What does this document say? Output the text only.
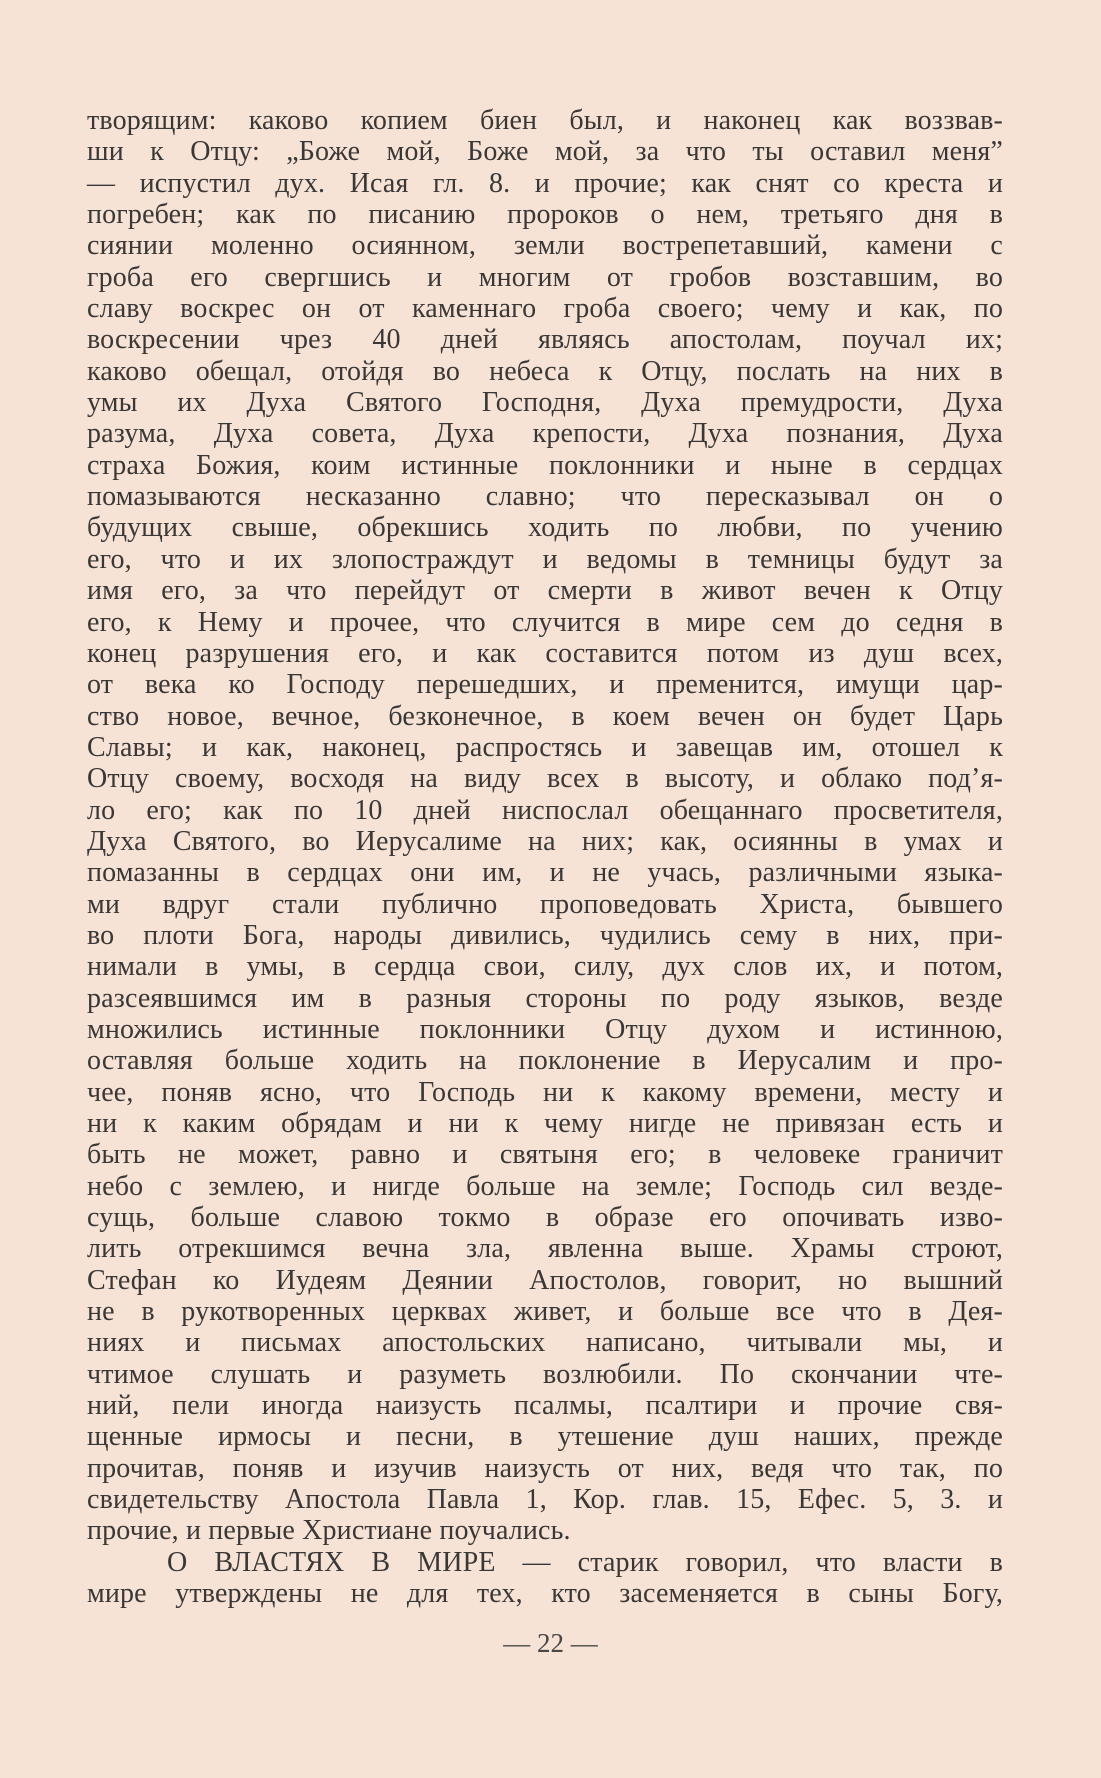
творящим: каково копием биен был, и наконец как воззвав-
ши к Отцу: „Боже мой, Боже мой, за что ты оставил меня”
— испустил дух. Исая гл. 8. и прочие; как снят со креста и
погребен; как по писанию пророков о нем, третьяго дня в
сиянии моленно осиянном, земли вострепетавший, камени с
гроба его свергшись и многим от гробов возставшим, во
славу воскрес он от каменнаго гроба своего; чему и как, по
воскресении чрез 40 дней являясь апостолам, поучал их;
каково обещал, отойдя во небеса к Отцу, послать на них в
умы их Духа Святого Господня, Духа премудрости, Духа
разума, Духа совета, Духа крепости, Духа познания, Духа
страха Божия, коим истинные поклонники и ныне в сердцах
помазываются несказанно славно; что пересказывал он о
будущих свыше, обрекшись ходить по любви, по учению
его, что и их злопостраждут и ведомы в темницы будут за
имя его, за что перейдут от смерти в живот вечен к Отцу
его, к Нему и прочее, что случится в мире сем до седня в
конец разрушения его, и как составится потом из душ всех,
от века ко Господу перешедших, и пременится, имущи цар-
ство новое, вечное, безконечное, в коем вечен он будет Царь
Славы; и как, наконец, распростясь и завещав им, отошел к
Отцу своему, восходя на виду всех в высоту, и облако под’я-
ло его; как по 10 дней ниспослал обещаннаго просветителя,
Духа Святого, во Иерусалиме на них; как, осиянны в умах и
помазанны в сердцах они им, и не учась, различными языка-
ми вдруг стали публично проповедовать Христа, бывшего
во плоти Бога, народы дивились, чудились сему в них, при-
нимали в умы, в сердца свои, силу, дух слов их, и потом,
разсеявшимся им в разныя стороны по роду языков, везде
множились истинные поклонники Отцу духом и истинною,
оставляя больше ходить на поклонение в Иерусалим и про-
чее, поняв ясно, что Господь ни к какому времени, месту и
ни к каким обрядам и ни к чему нигде не привязан есть и
быть не может, равно и святыня его; в человеке граничит
небо с землею, и нигде больше на земле; Господь сил везде-
сущь, больше славою токмо в образе его опочивать изво-
лить отрекшимся вечна зла, явленна выше. Храмы строют,
Стефан ко Иудеям Деянии Апостолов, говорит, но вышний
не в рукотворенных церквах живет, и больше все что в Дея-
ниях и письмах апостольских написано, читывали мы, и
чтимое слушать и разуметь возлюбили. По скончании чте-
ний, пели иногда наизусть псалмы, псалтири и прочие свя-
щенные ирмосы и песни, в утешение душ наших, прежде
прочитав, поняв и изучив наизусть от них, ведя что так, по
свидетельству Апостола Павла 1, Кор. глав. 15, Ефес. 5, 3. и
прочие, и первые Христиане поучались.
О ВЛАСТЯХ В МИРЕ — старик говорил, что власти в
мире утверждены не для тех, кто засеменяется в сыны Богу,
— 22 —
